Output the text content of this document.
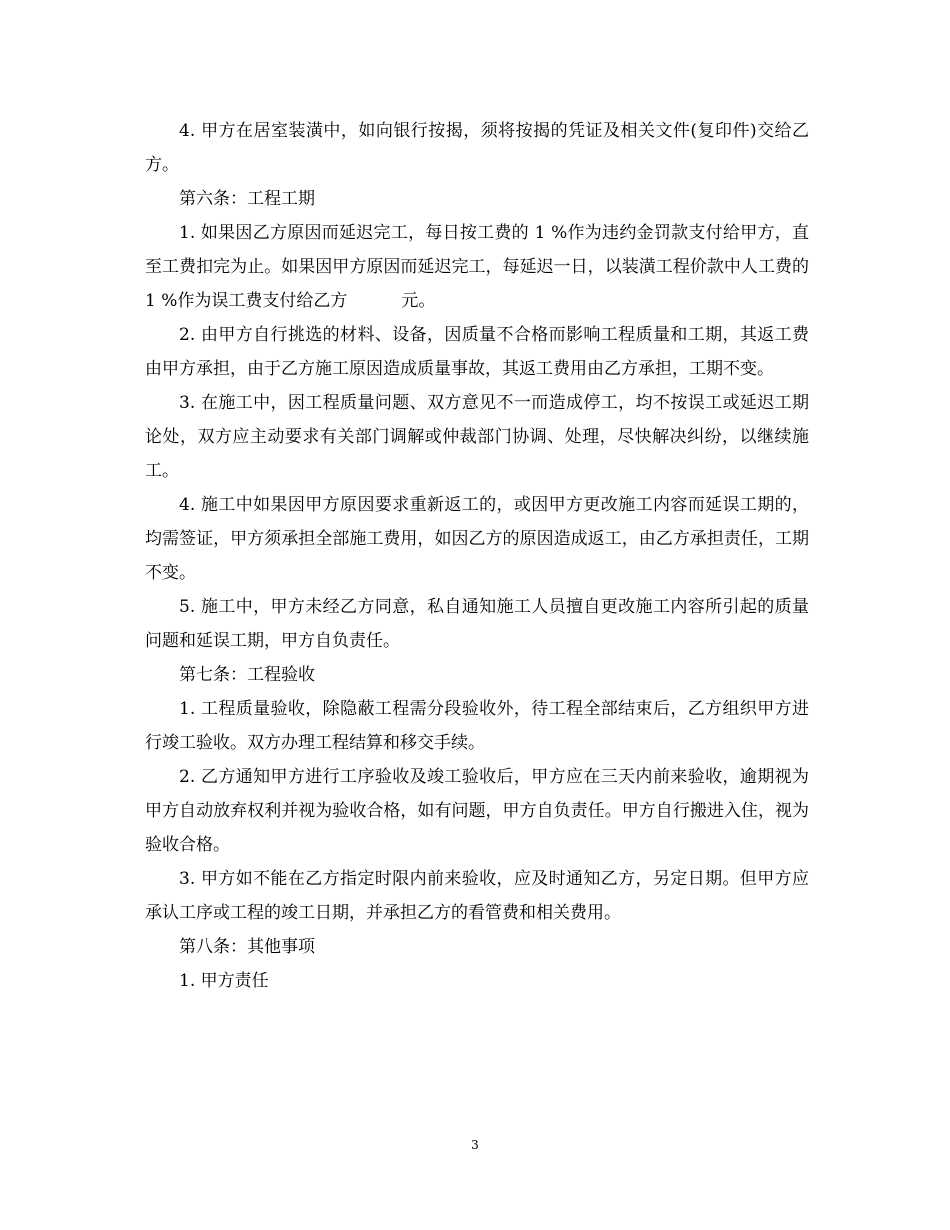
4. 甲方在居室装潢中，如向银行按揭，须将按揭的凭证及相关文件(复印件)交给乙方。

第六条：工程工期

1. 如果因乙方原因而延迟完工，每日按工费的 1 %作为违约金罚款支付给甲方，直至工费扣完为止。如果因甲方原因而延迟完工，每延迟一日，以装潢工程价款中人工费的 1 %作为误工费支付给乙方          元。

2. 由甲方自行挑选的材料、设备，因质量不合格而影响工程质量和工期，其返工费由甲方承担，由于乙方施工原因造成质量事故，其返工费用由乙方承担，工期不变。

3. 在施工中，因工程质量问题、双方意见不一而造成停工，均不按误工或延迟工期论处，双方应主动要求有关部门调解或仲裁部门协调、处理，尽快解决纠纷，以继续施工。

4. 施工中如果因甲方原因要求重新返工的，或因甲方更改施工内容而延误工期的，均需签证，甲方须承担全部施工费用，如因乙方的原因造成返工，由乙方承担责任，工期不变。

5. 施工中，甲方未经乙方同意，私自通知施工人员擅自更改施工内容所引起的质量问题和延误工期，甲方自负责任。

第七条：工程验收

1. 工程质量验收，除隐蔽工程需分段验收外，待工程全部结束后，乙方组织甲方进行竣工验收。双方办理工程结算和移交手续。

2. 乙方通知甲方进行工序验收及竣工验收后，甲方应在三天内前来验收，逾期视为甲方自动放弃权利并视为验收合格，如有问题，甲方自负责任。甲方自行搬进入住，视为验收合格。

3. 甲方如不能在乙方指定时限内前来验收，应及时通知乙方，另定日期。但甲方应承认工序或工程的竣工日期，并承担乙方的看管费和相关费用。

第八条：其他事项

1. 甲方责任

3
